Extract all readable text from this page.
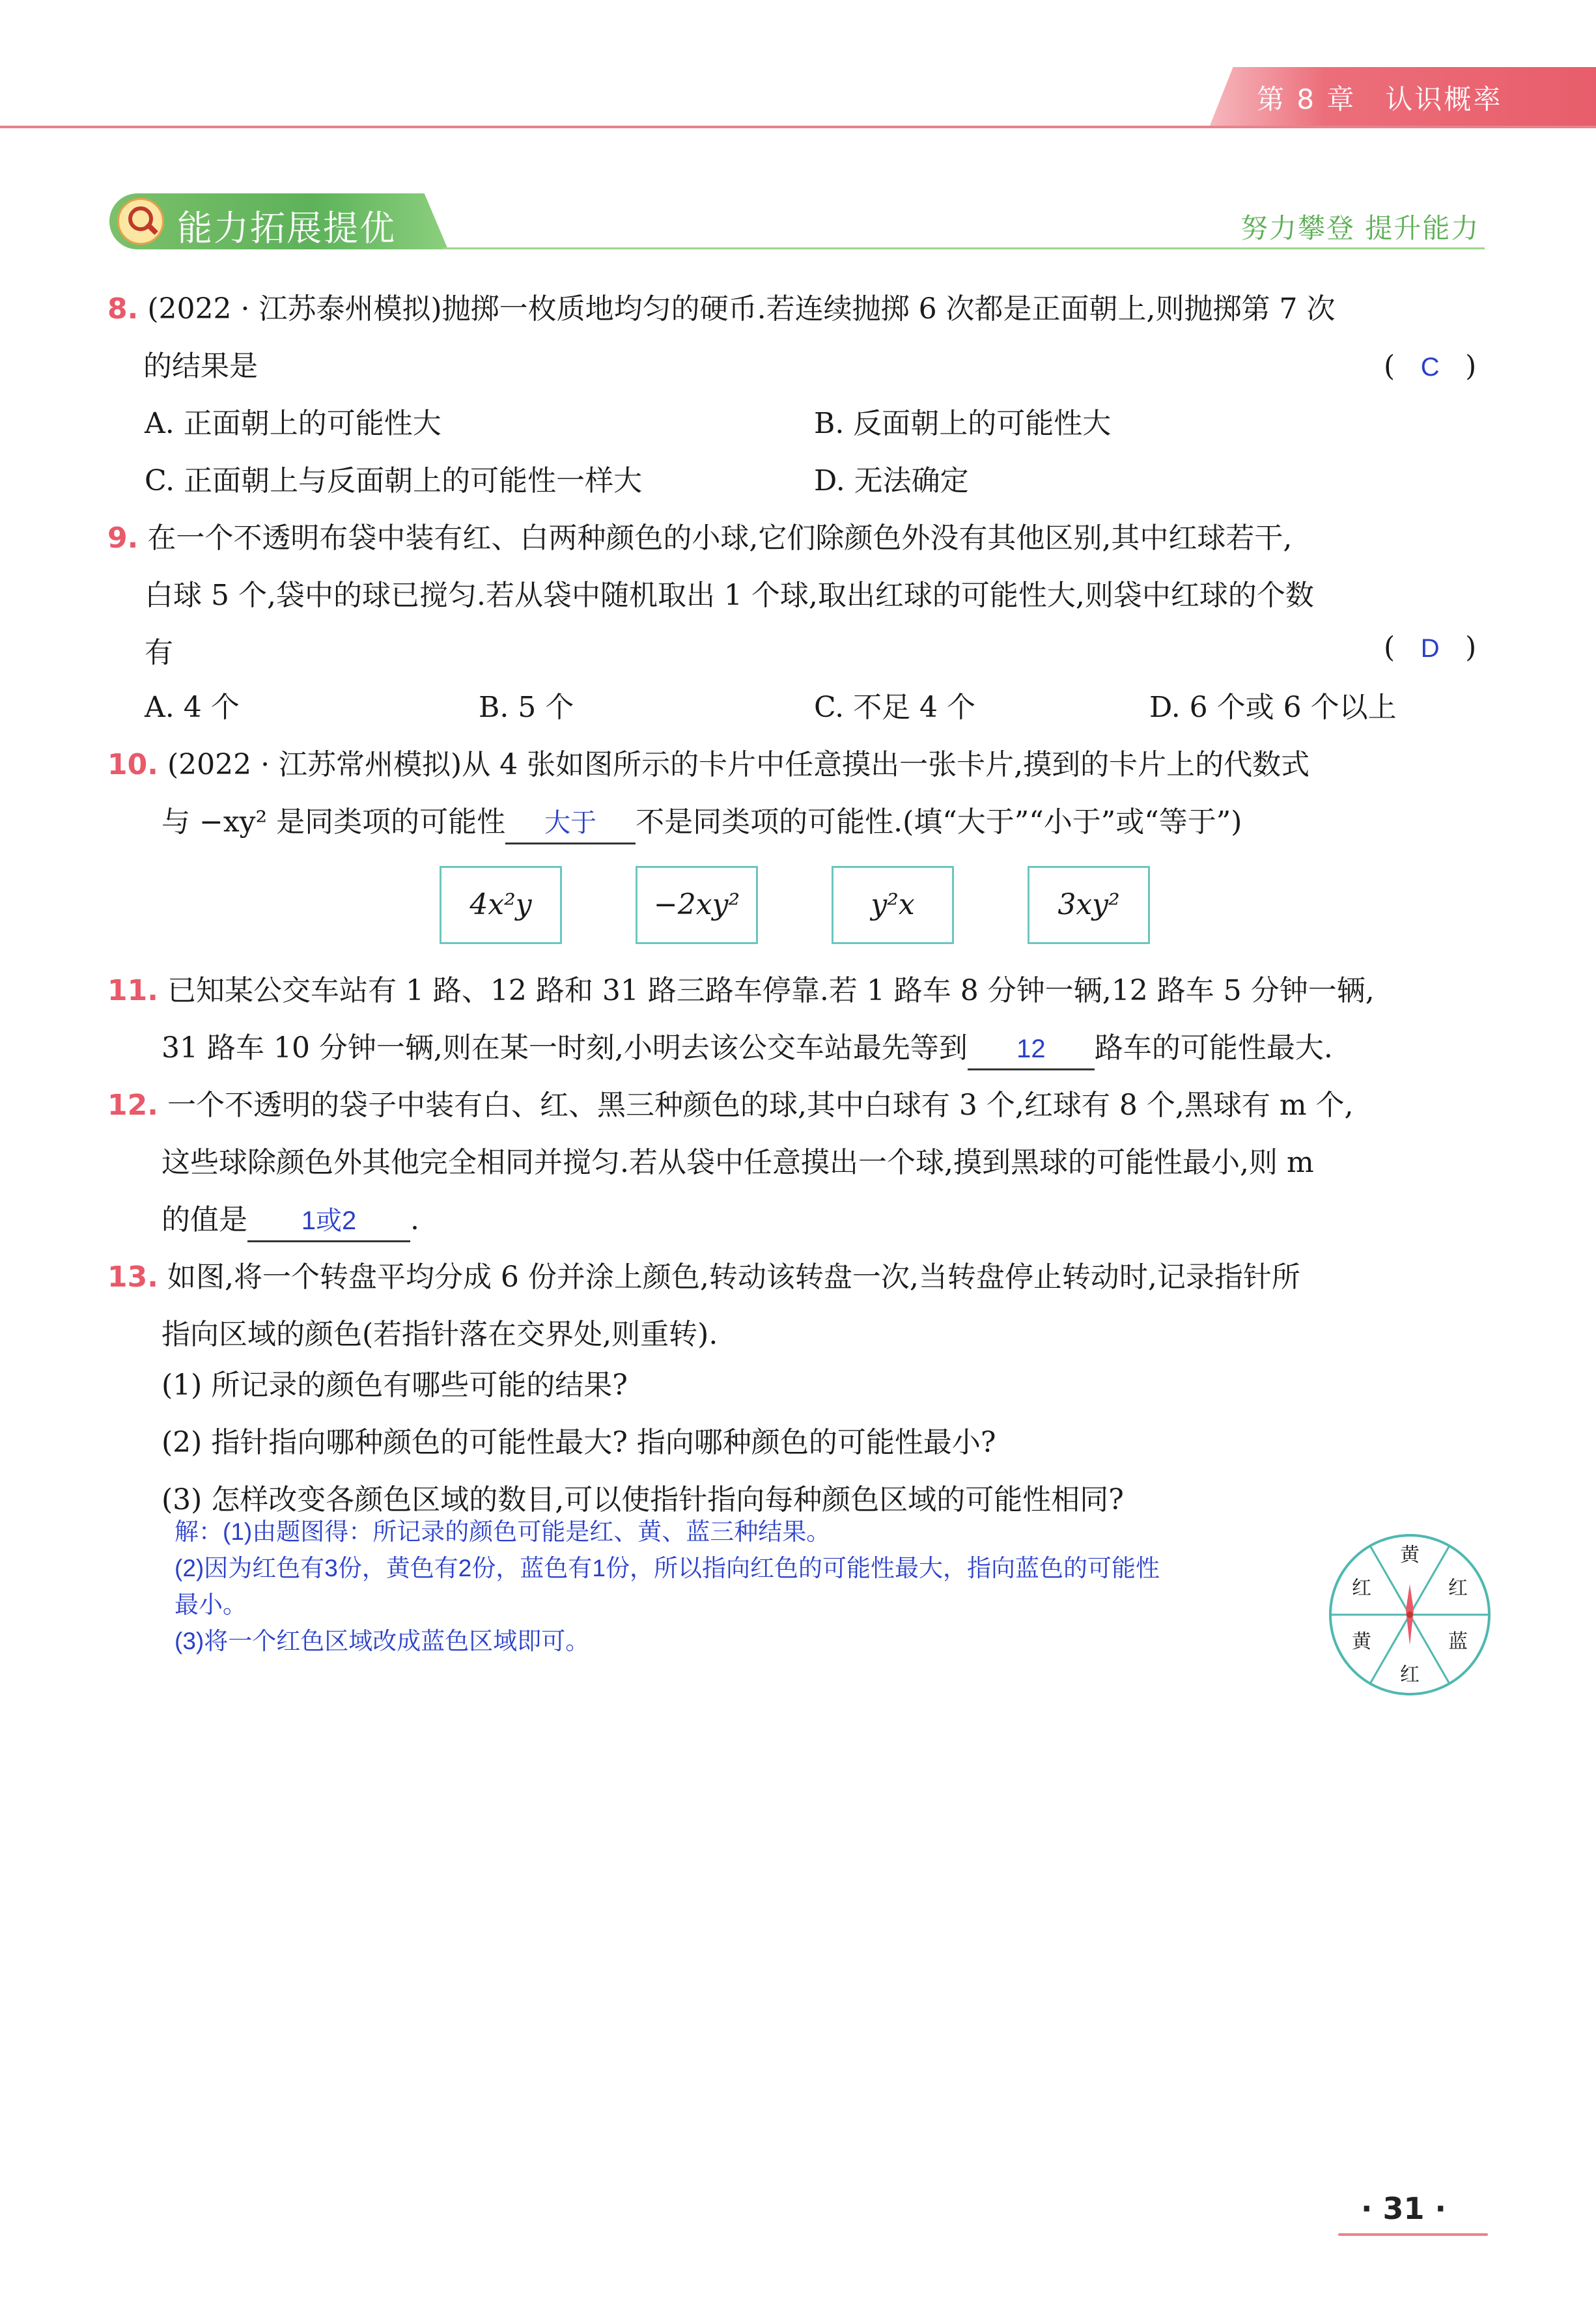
第 8 章　认识概率
能力拓展提优	努力攀登 提升能力
8. (2022 · 江苏泰州模拟)抛掷一枚质地均匀的硬币.若连续抛掷 6 次都是正面朝上,则抛掷第 7 次
的结果是	( C )
A. 正面朝上的可能性大	B. 反面朝上的可能性大
C. 正面朝上与反面朝上的可能性一样大	D. 无法确定
9. 在一个不透明布袋中装有红、白两种颜色的小球,它们除颜色外没有其他区别,其中红球若干,
白球 5 个,袋中的球已搅匀.若从袋中随机取出 1 个球,取出红球的可能性大,则袋中红球的个数
有	( D )
A. 4 个	B. 5 个	C. 不足 4 个	D. 6 个或 6 个以上
10. (2022 · 江苏常州模拟)从 4 张如图所示的卡片中任意摸出一张卡片,摸到的卡片上的代数式
与 −xy² 是同类项的可能性 大于 不是同类项的可能性.(填“大于”“小于”或“等于”)
4x²y	−2xy²	y²x	3xy²
11. 已知某公交车站有 1 路、12 路和 31 路三路车停靠.若 1 路车 8 分钟一辆,12 路车 5 分钟一辆,
31 路车 10 分钟一辆,则在某一时刻,小明去该公交车站最先等到 12 路车的可能性最大.
12. 一个不透明的袋子中装有白、红、黑三种颜色的球,其中白球有 3 个,红球有 8 个,黑球有 m 个,
这些球除颜色外其他完全相同并搅匀.若从袋中任意摸出一个球,摸到黑球的可能性最小,则 m
的值是 1或2 .
13. 如图,将一个转盘平均分成 6 份并涂上颜色,转动该转盘一次,当转盘停止转动时,记录指针所
指向区域的颜色(若指针落在交界处,则重转).
(1) 所记录的颜色有哪些可能的结果?
(2) 指针指向哪种颜色的可能性最大? 指向哪种颜色的可能性最小?
(3) 怎样改变各颜色区域的数目,可以使指针指向每种颜色区域的可能性相同?
解：(1)由题图得：所记录的颜色可能是红、黄、蓝三种结果。
(2)因为红色有3份，黄色有2份，蓝色有1份，所以指向红色的可能性最大，指向蓝色的可能性
最小。
(3)将一个红色区域改成蓝色区域即可。
黄
红
蓝
红
黄
红
· 31 ·
